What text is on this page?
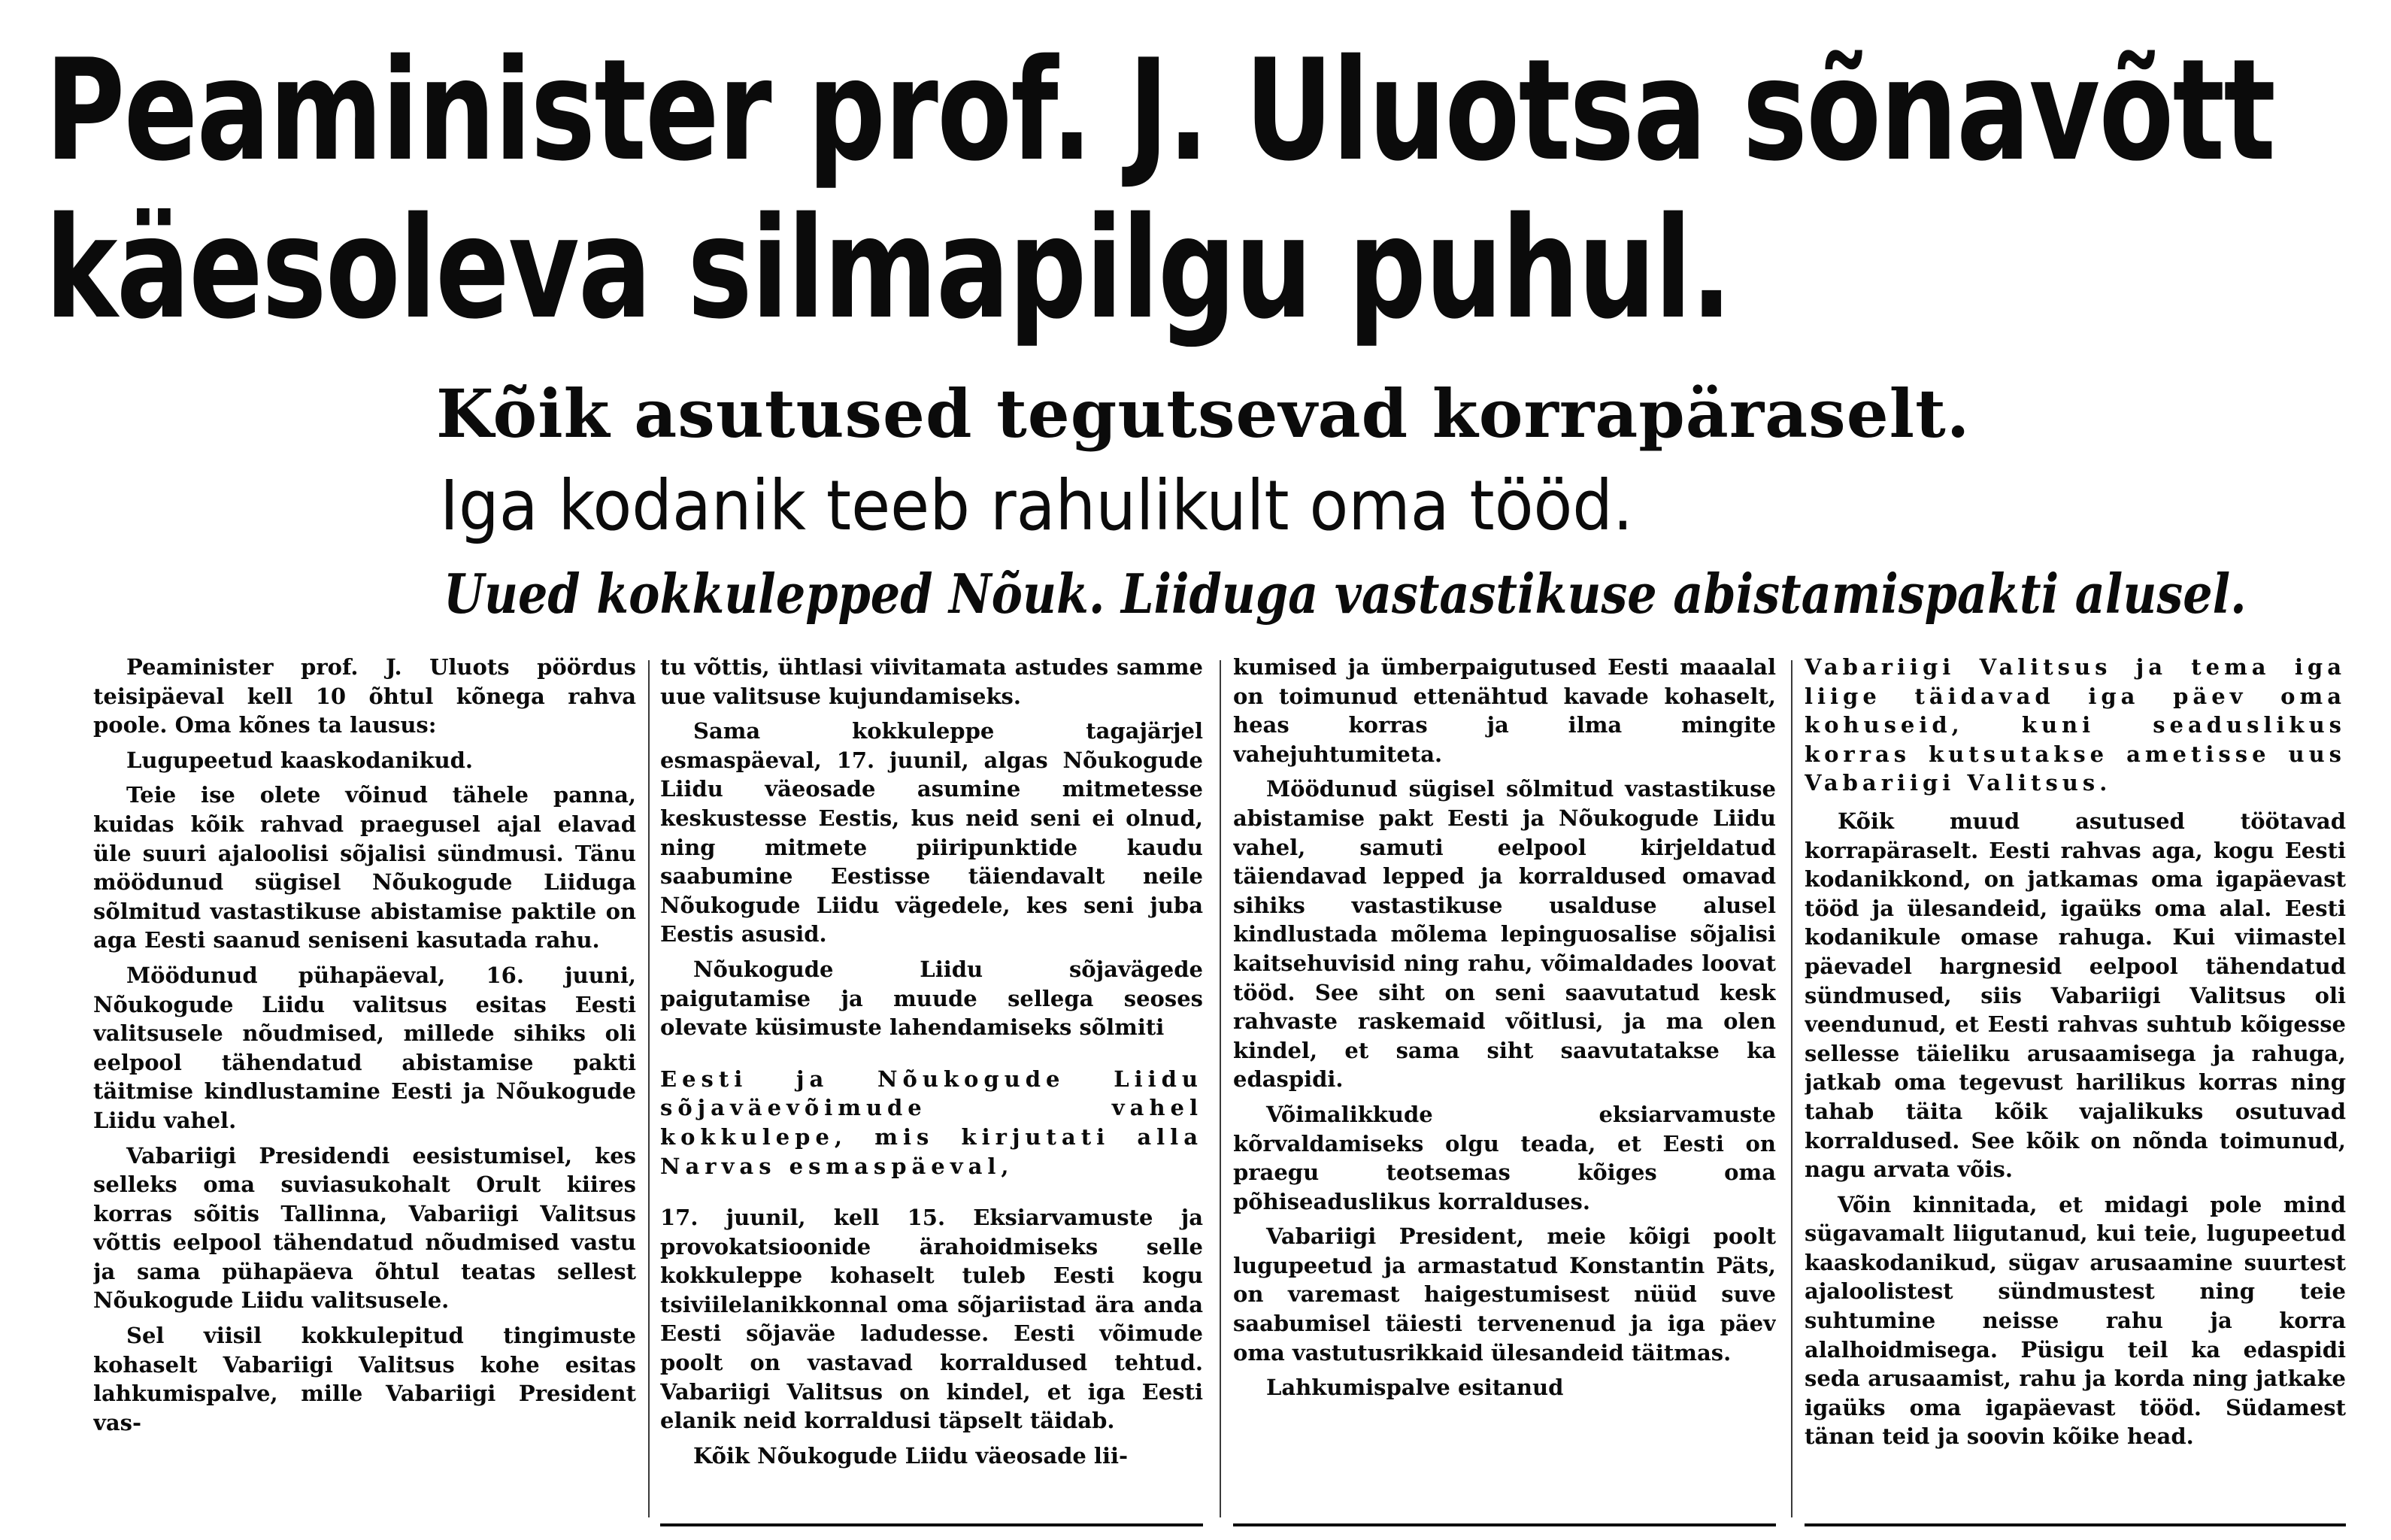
Peaminister prof. J. Uluotsa sõnavõtt
käesoleva silmapilgu puhul.
Kõik asutused tegutsevad korrapäraselt.
Iga kodanik teeb rahulikult oma tööd.
Uued kokkulepped Nõuk. Liiduga vastastikuse abistamispakti alusel.

Peaminister prof. J. Uluots pöördus teisipäeval kell 10 õhtul kõnega rahva poole. Oma kõnes ta lausus:

Lugupeetud kaaskodanikud.

Teie ise olete võinud tähele panna, kuidas kõik rahvad praegusel ajal elavad üle suuri ajaloolisi sõjalisi sündmusi. Tänu möödunud sügisel Nõukogude Liiduga sõlmitud vastastikuse abistamise paktile on aga Eesti saanud seniseni kasutada rahu.

Möödunud pühapäeval, 16. juuni, Nõukogude Liidu valitsus esitas Eesti valitsusele nõudmised, millede sihiks oli eelpool tähendatud abistamise pakti täitmise kindlustamine Eesti ja Nõukogude Liidu vahel.

Vabariigi Presidendi eesistumisel, kes selleks oma suviasukohalt Orult kiires korras sõitis Tallinna, Vabariigi Valitsus võttis eelpool tähendatud nõudmised vastu ja sama pühapäeva õhtul teatas sellest Nõukogude Liidu valitsusele.

Sel viisil kokkulepitud tingimuste kohaselt Vabariigi Valitsus kohe esitas lahkumispalve, mille Vabariigi President vas-

tu võttis, ühtlasi viivitamata astudes samme uue valitsuse kujundamiseks.

Sama kokkuleppe tagajärjel esmaspäeval, 17. juunil, algas Nõukogude Liidu väeosade asumine mitmetesse keskustesse Eestis, kus neid seni ei olnud, ning mitmete piiripunktide kaudu saabumine Eestisse täiendavalt neile Nõukogude Liidu vägedele, kes seni juba Eestis asusid.

Nõukogude Liidu sõjavägede paigutamise ja muude sellega seoses olevate küsimuste lahendamiseks sõlmiti

Eesti ja Nõukogude Liidu sõjaväevõimude vahel kokkulepe, mis kirjutati alla Narvas esmaspäeval,

17. juunil, kell 15. Eksiarvamuste ja provokatsioonide ärahoidmiseks selle kokkuleppe kohaselt tuleb Eesti kogu tsiviilelanikkonnal oma sõjariistad ära anda Eesti sõjaväe ladudesse. Eesti võimude poolt on vastavad korraldused tehtud. Vabariigi Valitsus on kindel, et iga Eesti elanik neid korraldusi täpselt täidab.

Kõik Nõukogude Liidu väeosade lii-

kumised ja ümberpaigutused Eesti maaalal on toimunud ettenähtud kavade kohaselt, heas korras ja ilma mingite vahejuhtumiteta.

Möödunud sügisel sõlmitud vastastikuse abistamise pakt Eesti ja Nõukogude Liidu vahel, samuti eelpool kirjeldatud täiendavad lepped ja korraldused omavad sihiks vastastikuse usalduse alusel kindlustada mõlema lepinguosalise sõjalisi kaitsehuvisid ning rahu, võimaldades loovat tööd. See siht on seni saavutatud kesk rahvaste raskemaid võitlusi, ja ma olen kindel, et sama siht saavutatakse ka edaspidi.

Võimalikkude eksiarvamuste kõrvaldamiseks olgu teada, et Eesti on praegu teotsemas kõiges oma põhiseaduslikus korralduses.

Vabariigi President, meie kõigi poolt lugupeetud ja armastatud Konstantin Päts, on varemast haigestumisest nüüd suve saabumisel täiesti tervenenud ja iga päev oma vastutusrikkaid ülesandeid täitmas.

Lahkumispalve esitanud

Vabariigi Valitsus ja tema iga liige täidavad iga päev oma kohuseid, kuni seaduslikus korras kutsutakse ametisse uus Vabariigi Valitsus.

Kõik muud asutused töötavad korrapäraselt. Eesti rahvas aga, kogu Eesti kodanikkond, on jatkamas oma igapäevast tööd ja ülesandeid, igaüks oma alal. Eesti kodanikule omase rahuga. Kui viimastel päevadel hargnesid eelpool tähendatud sündmused, siis Vabariigi Valitsus oli veendunud, et Eesti rahvas suhtub kõigesse sellesse täieliku arusaamisega ja rahuga, jatkab oma tegevust harilikus korras ning tahab täita kõik vajalikuks osutuvad korraldused. See kõik on nõnda toimunud, nagu arvata võis.

Võin kinnitada, et midagi pole mind sügavamalt liigutanud, kui teie, lugupeetud kaaskodanikud, sügav arusaamine suurtest ajaloolistest sündmustest ning teie suhtumine neisse rahu ja korra alalhoidmisega. Püsigu teil ka edaspidi seda arusaamist, rahu ja korda ning jatkake igaüks oma igapäevast tööd. Südamest tänan teid ja soovin kõike head.
